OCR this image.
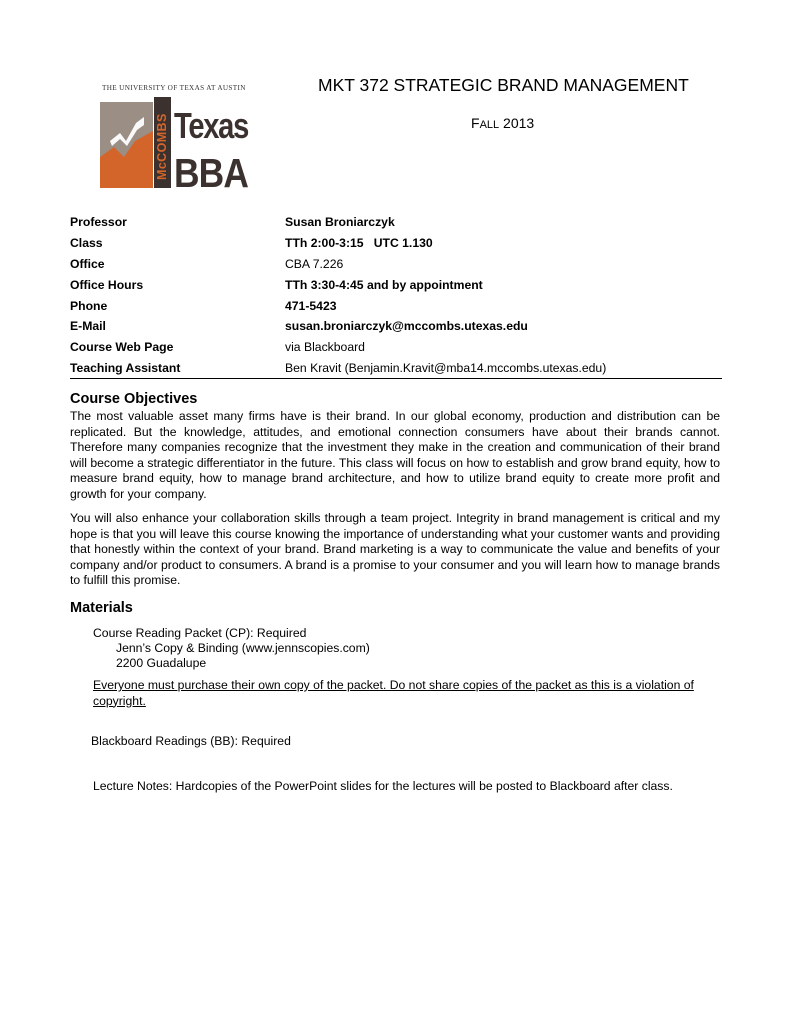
THE UNIVERSITY OF TEXAS AT AUSTIN
McCOMBS Texas
BBA
MKT 372 STRATEGIC BRAND MANAGEMENT
FALL 2013
Professor	Susan Broniarczyk
Class	TTh 2:00-3:15   UTC 1.130
Office	CBA 7.226
Office Hours	TTh 3:30-4:45 and by appointment
Phone	471-5423
E-Mail	susan.broniarczyk@mccombs.utexas.edu
Course Web Page	via Blackboard
Teaching Assistant	Ben Kravit (Benjamin.Kravit@mba14.mccombs.utexas.edu)
Course Objectives

The most valuable asset many firms have is their brand. In our global economy, production and distribution can be replicated. But the knowledge, attitudes, and emotional connection consumers have about their brands cannot. Therefore many companies recognize that the investment they make in the creation and communication of their brand will become a strategic differentiator in the future. This class will focus on how to establish and grow brand equity, how to measure brand equity, how to manage brand architecture, and how to utilize brand equity to create more profit and growth for your company.

You will also enhance your collaboration skills through a team project. Integrity in brand management is critical and my hope is that you will leave this course knowing the importance of understanding what your customer wants and providing that honestly within the context of your brand. Brand marketing is a way to communicate the value and benefits of your company and/or product to consumers. A brand is a promise to your consumer and you will learn how to manage brands to fulfill this promise.

Materials
Course Reading Packet (CP): Required
Jenn’s Copy & Binding (www.jennscopies.com)
2200 Guadalupe

Everyone must purchase their own copy of the packet. Do not share copies of the packet as this is a violation of copyright.

Blackboard Readings (BB): Required
Lecture Notes: Hardcopies of the PowerPoint slides for the lectures will be posted to Blackboard after class.
